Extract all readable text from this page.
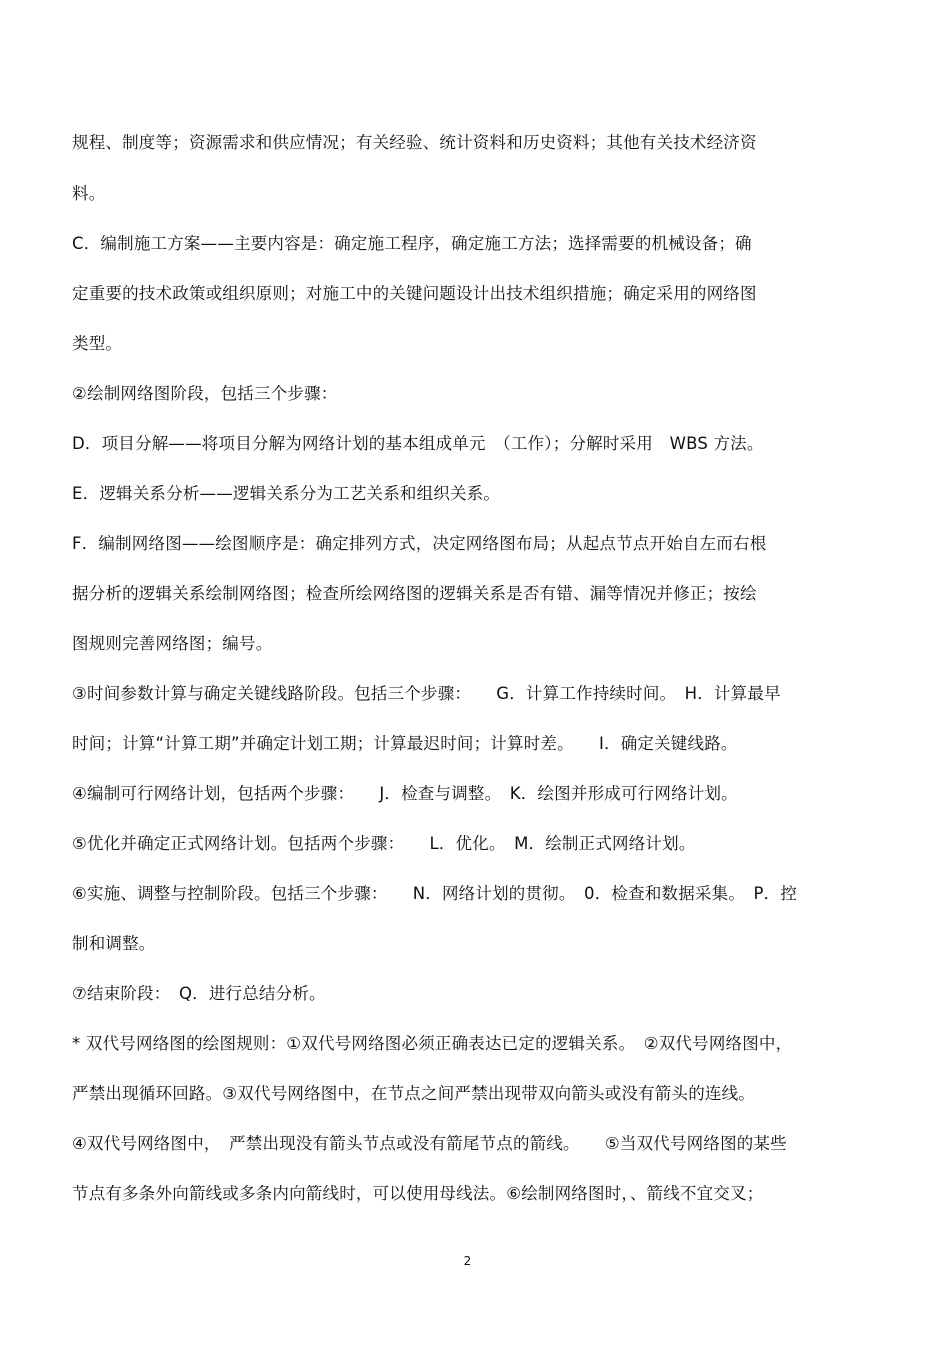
规程、制度等；资源需求和供应情况；有关经验、统计资料和历史资料；其他有关技术经济资
料。
C．编制施工方案——主要内容是：确定施工程序，确定施工方法；选择需要的机械设备；确
定重要的技术政策或组织原则；对施工中的关键问题设计出技术组织措施；确定采用的网络图
类型。
②绘制网络图阶段，包括三个步骤：
D．项目分解——将项目分解为网络计划的基本组成单元　（工作）；分解时采用　WBS 方法。
E．逻辑关系分析——逻辑关系分为工艺关系和组织关系。
F．编制网络图——绘图顺序是：确定排列方式，决定网络图布局；从起点节点开始自左而右根
据分析的逻辑关系绘制网络图；检查所绘网络图的逻辑关系是否有错、漏等情况并修正；按绘
图规则完善网络图；编号。
③时间参数计算与确定关键线路阶段。包括三个步骤：　　G．计算工作持续时间。　H．计算最早
时间；计算“计算工期”并确定计划工期；计算最迟时间；计算时差。　　I．确定关键线路。
④编制可行网络计划，包括两个步骤：　　J．检查与调整。　K．绘图并形成可行网络计划。
⑤优化并确定正式网络计划。包括两个步骤：　　L．优化。　M．绘制正式网络计划。
⑥实施、调整与控制阶段。包括三个步骤：　　N．网络计划的贯彻。　0．检查和数据采集。　P．控
制和调整。
⑦结束阶段：　Q．进行总结分析。
* 双代号网络图的绘图规则：①双代号网络图必须正确表达已定的逻辑关系。　②双代号网络图中，
严禁出现循环回路。③双代号网络图中，在节点之间严禁出现带双向箭头或没有箭头的连线。
④双代号网络图中，　严禁出现没有箭头节点或没有箭尾节点的箭线。　　⑤当双代号网络图的某些
节点有多条外向箭线或多条内向箭线时，可以使用母线法。⑥绘制网络图时，、箭线不宜交叉；
2
